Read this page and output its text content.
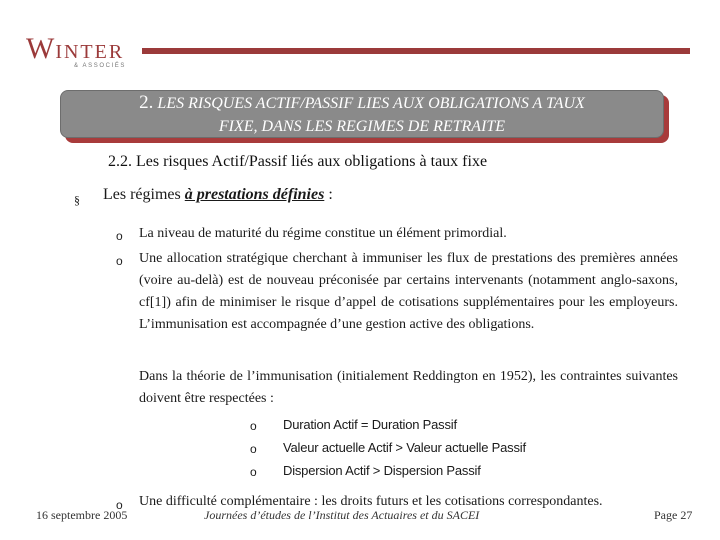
WINTER
& ASSOCIÉS
2. LES RISQUES ACTIF/PASSIF LIES AUX OBLIGATIONS A TAUX
FIXE, DANS LES REGIMES DE RETRAITE
2.2. Les risques Actif/Passif liés aux obligations à taux fixe
§ Les régimes à prestations définies :
o La niveau de maturité du régime constitue un élément primordial.
o Une allocation stratégique cherchant à immuniser les flux de prestations des premières années (voire au-delà) est de nouveau préconisée par certains intervenants (notamment anglo-saxons, cf[1]) afin de minimiser le risque d’appel de cotisations supplémentaires pour les employeurs. L’immunisation est accompagnée d’une gestion active des obligations.
Dans la théorie de l’immunisation (initialement Reddington en 1952), les contraintes suivantes doivent être respectées :
o Duration Actif = Duration Passif
o Valeur actuelle Actif > Valeur actuelle Passif
o Dispersion Actif > Dispersion Passif
o Une difficulté complémentaire : les droits futurs et les cotisations correspondantes.
16 septembre 2005	Journées d’études de l’Institut des Actuaires et du SACEI	Page 27
